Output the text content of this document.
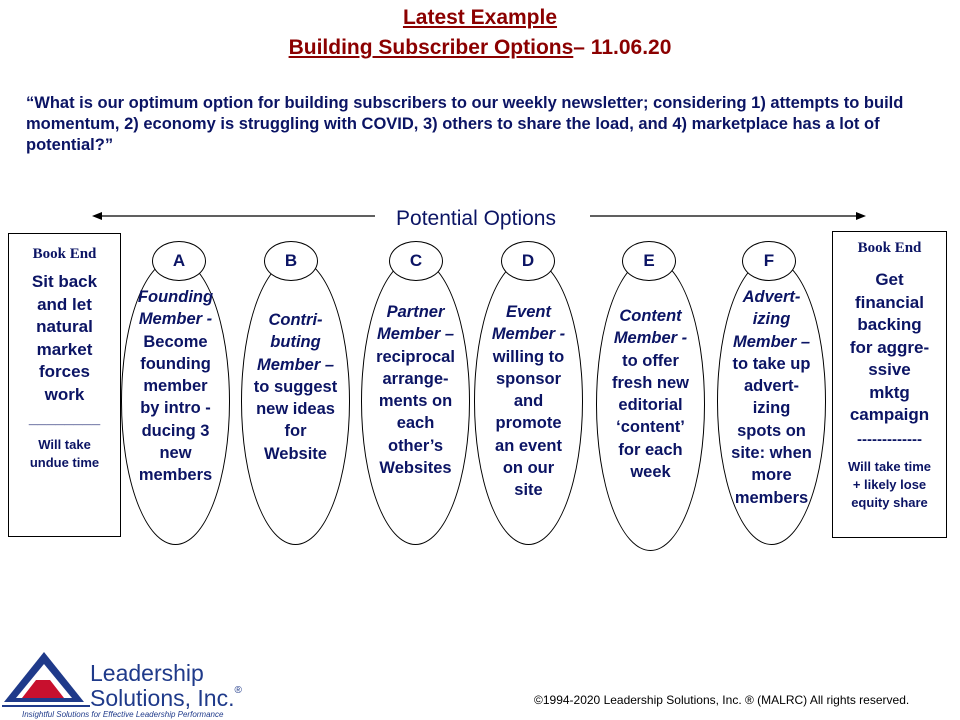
Latest Example
Building Subscriber Options– 11.06.20
“What is our optimum option for building subscribers to our weekly newsletter; considering 1) attempts to build momentum, 2) economy is struggling with COVID, 3) others to share the load, and 4) marketplace has a lot of potential?”
Potential Options
Book End
Sit back
and let
natural
market
forces
work
________
Will take
undue time
Book End
Get
financial
backing
for aggre-
ssive
mktg
campaign
-------------
Will take time
+ likely lose
equity share
Founding
Member -
Become
founding
member
by intro -
ducing 3
new
members
A
Contri-
buting
Member –
to suggest
new ideas
for
Website
B
Partner
Member –
reciprocal
arrange-
ments on
each
other’s
Websites
C
Event
Member -
willing to
sponsor
and
promote
an event
on our
site
D
Content
Member -
to offer
fresh new
editorial
‘content’
for each
week
E
Advert-
izing
Member –
to take up
advert-
izing
spots on
site: when
more
members
F
Leadership
Solutions, Inc.®
Insightful Solutions for Effective Leadership Performance
©1994-2020 Leadership Solutions, Inc. ® (MALRC) All rights reserved.
